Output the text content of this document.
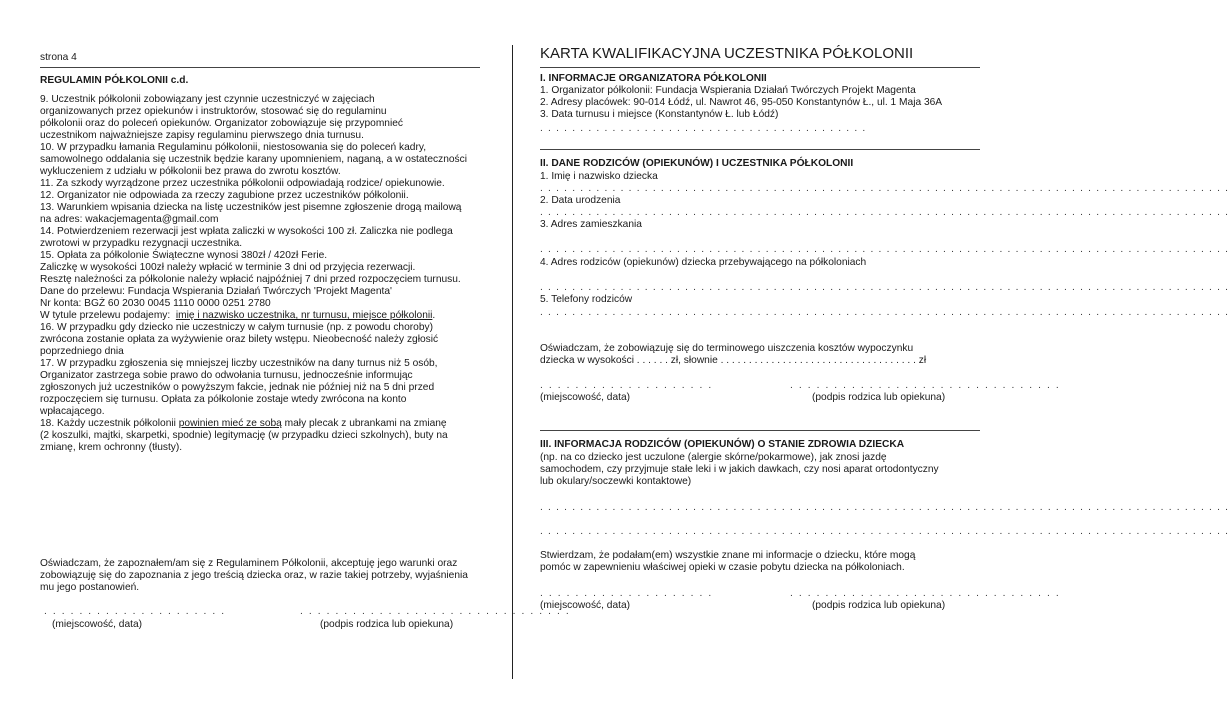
strona 4
REGULAMIN PÓŁKOLONII c.d.
9. Uczestnik półkolonii zobowiązany jest czynnie uczestniczyć w zajęciach
organizowanych przez opiekunów i instruktorów, stosować się do regulaminu
półkolonii oraz do poleceń opiekunów. Organizator zobowiązuje się przypomnieć
uczestnikom najważniejsze zapisy regulaminu pierwszego dnia turnusu.
10. W przypadku łamania Regulaminu półkolonii, niestosowania się do poleceń kadry,
samowolnego oddalania się uczestnik będzie karany upomnieniem, naganą, a w ostateczności
wykluczeniem z udziału w półkolonii bez prawa do zwrotu kosztów.
11. Za szkody wyrządzone przez uczestnika półkolonii odpowiadają rodzice/ opiekunowie.
12. Organizator nie odpowiada za rzeczy zagubione przez uczestników półkolonii.
13. Warunkiem wpisania dziecka na listę uczestników jest pisemne zgłoszenie drogą mailową
na adres: wakacjemagenta@gmail.com
14. Potwierdzeniem rezerwacji jest wpłata zaliczki w wysokości 100 zł. Zaliczka nie podlega
zwrotowi w przypadku rezygnacji uczestnika.
15. Opłata za półkolonie Świąteczne wynosi 380zł / 420zł Ferie.
Zaliczkę w wysokości 100zł należy wpłacić w terminie 3 dni od przyjęcia rezerwacji.
Resztę należności za półkolonie należy wpłacić najpóźniej 7 dni przed rozpoczęciem turnusu.
Dane do przelewu: Fundacja Wspierania Działań Twórczych 'Projekt Magenta'
Nr konta: BGŻ 60 2030 0045 1110 0000 0251 2780
W tytule przelewu podajemy:  imię i nazwisko uczestnika, nr turnusu, miejsce półkolonii.
16. W przypadku gdy dziecko nie uczestniczy w całym turnusie (np. z powodu choroby)
zwrócona zostanie opłata za wyżywienie oraz bilety wstępu. Nieobecność należy zgłosić
poprzedniego dnia
17. W przypadku zgłoszenia się mniejszej liczby uczestników na dany turnus niż 5 osób,
Organizator zastrzega sobie prawo do odwołania turnusu, jednocześnie informując
zgłoszonych już uczestników o powyższym fakcie, jednak nie później niż na 5 dni przed
rozpoczęciem się turnusu. Opłata za półkolonie zostaje wtedy zwrócona na konto
wpłacającego.
18. Każdy uczestnik półkolonii powinien mieć ze sobą mały plecak z ubrankami na zmianę
(2 koszulki, majtki, skarpetki, spodnie) legitymację (w przypadku dzieci szkolnych), buty na
zmianę, krem ochronny (tłusty).
Oświadczam, że zapoznałem/am się z Regulaminem Półkolonii, akceptuję jego warunki oraz
zobowiązuję się do zapoznania z jego treścią dziecka oraz, w razie takiej potrzeby, wyjaśnienia
mu jego postanowień.
. . . . . . . . . . . . . . . . . . . . .	. . . . . . . . . . . . . . . . . . . . . . . . . . . . . . .
(miejscowość, data)	(podpis rodzica lub opiekuna)
KARTA KWALIFIKACYJNA UCZESTNIKA PÓŁKOLONII
I. INFORMACJE ORGANIZATORA PÓŁKOLONII
1. Organizator półkolonii: Fundacja Wspierania Działań Twórczych Projekt Magenta
2. Adresy placówek: 90-014 Łódź, ul. Nawrot 46, 95-050 Konstantynów Ł., ul. 1 Maja 36A
3. Data turnusu i miejsce (Konstantynów Ł. lub Łódź)
. . . . . . . . . . . . . . . . . . . . . . . . . . . . . . . . . . . . . . . . .
II. DANE RODZICÓW (OPIEKUNÓW) I UCZESTNIKA PÓŁKOLONII
1. Imię i nazwisko dziecka
. . . . . . . . . . . . . . . . . . . . . . . . . . . . . . . . . . . . . . . . . . . . . . . . . . . . . . . . . . . . . . . . . . . . . . . . . . . . . . . . . . . . . .
2. Data urodzenia
. . . . . . . . . . . . . . . . . . . . . . . . . . . . . . . . . . . . . . . . . . . . . . . . . . . . . . . . . . . . . . . . . . . . . . . . . . . . . . . . . . . . . .
3. Adres zamieszkania
. . . . . . . . . . . . . . . . . . . . . . . . . . . . . . . . . . . . . . . . . . . . . . . . . . . . . . . . . . . . . . . . . . . . . . . . . . . . . . . . . . . . . .
4. Adres rodziców (opiekunów) dziecka przebywającego na półkoloniach
. . . . . . . . . . . . . . . . . . . . . . . . . . . . . . . . . . . . . . . . . . . . . . . . . . . . . . . . . . . . . . . . . . . . . . . . . . . . . . . . . . . . . .
5. Telefony rodziców
. . . . . . . . . . . . . . . . . . . . . . . . . . . . . . . . . . . . . . . . . . . . . . . . . . . . . . . . . . . . . . . . . . . . . . . . . . . . . . . . . . . . . .
Oświadczam, że zobowiązuję się do terminowego uiszczenia kosztów wypoczynku
dziecka w wysokości . . . . . . zł, słownie . . . . . . . . . . . . . . . . . . . . . . . . . . . . . . . . . . . zł
. . . . . . . . . . . . . . . . . . . .	. . . . . . . . . . . . . . . . . . . . . . . . . . . . . . .
(miejscowość, data)	(podpis rodzica lub opiekuna)
III. INFORMACJA RODZICÓW (OPIEKUNÓW) O STANIE ZDROWIA DZIECKA
(np. na co dziecko jest uczulone (alergie skórne/pokarmowe), jak znosi jazdę
samochodem, czy przyjmuje stałe leki i w jakich dawkach, czy nosi aparat ortodontyczny
lub okulary/soczewki kontaktowe)
. . . . . . . . . . . . . . . . . . . . . . . . . . . . . . . . . . . . . . . . . . . . . . . . . . . . . . . . . . . . . . . . . . . . . . . . . . . . . . . . . . . . . .
. . . . . . . . . . . . . . . . . . . . . . . . . . . . . . . . . . . . . . . . . . . . . . . . . . . . . . . . . . . . . . . . . . . . . . . . . . . . . . . . . . . . . .
Stwierdzam, że podałam(em) wszystkie znane mi informacje o dziecku, które mogą
pomóc w zapewnieniu właściwej opieki w czasie pobytu dziecka na półkoloniach.
. . . . . . . . . . . . . . . . . . . .	. . . . . . . . . . . . . . . . . . . . . . . . . . . . . . .
(miejscowość, data)	(podpis rodzica lub opiekuna)
